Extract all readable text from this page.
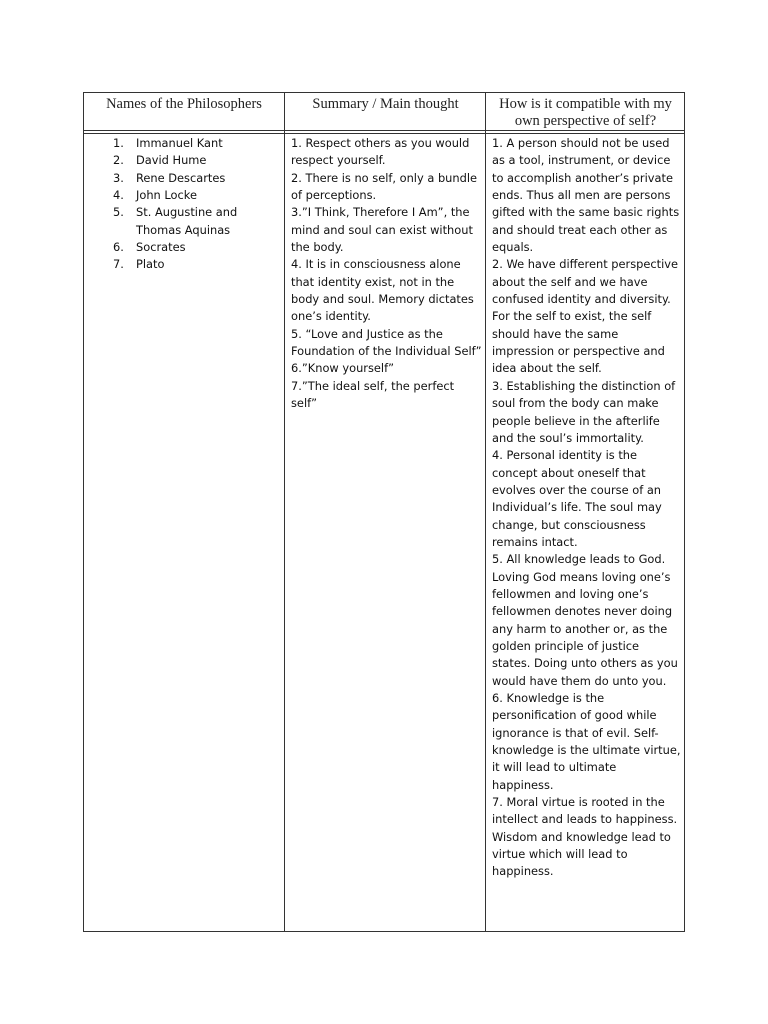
Names of the Philosophers
1. Immanuel Kant
2. David Hume
3. Rene Descartes
4. John Locke
5. St. Augustine and Thomas Aquinas
6. Socrates
7. Plato
Summary / Main thought

1. Respect others as you would respect yourself.

2. There is no self, only a bundle of perceptions.

3.”I Think, Therefore I Am”, the mind and soul can exist without the body.

4. It is in consciousness alone that identity exist, not in the body and soul. Memory dictates one’s identity.

5. “Love and Justice as the Foundation of the Individual Self”

6.”Know yourself”

7.”The ideal self, the perfect self”

How is it compatible with my own perspective of self?

1. A person should not be used as a tool, instrument, or device to accomplish another’s private ends. Thus all men are persons gifted with the same basic rights and should treat each other as equals.

2. We have different perspective about the self and we have confused identity and diversity. For the self to exist, the self should have the same impression or perspective and idea about the self.

3. Establishing the distinction of soul from the body can make people believe in the afterlife and the soul’s immortality.

4. Personal identity is the concept about oneself that evolves over the course of an Individual’s life. The soul may change, but consciousness remains intact.

5. All knowledge leads to God. Loving God means loving one’s fellowmen and loving one’s fellowmen denotes never doing any harm to another or, as the golden principle of justice states. Doing unto others as you would have them do unto you.

6. Knowledge is the personification of good while ignorance is that of evil. Self-knowledge is the ultimate virtue, it will lead to ultimate happiness.

7. Moral virtue is rooted in the intellect and leads to happiness. Wisdom and knowledge lead to virtue which will lead to happiness.
